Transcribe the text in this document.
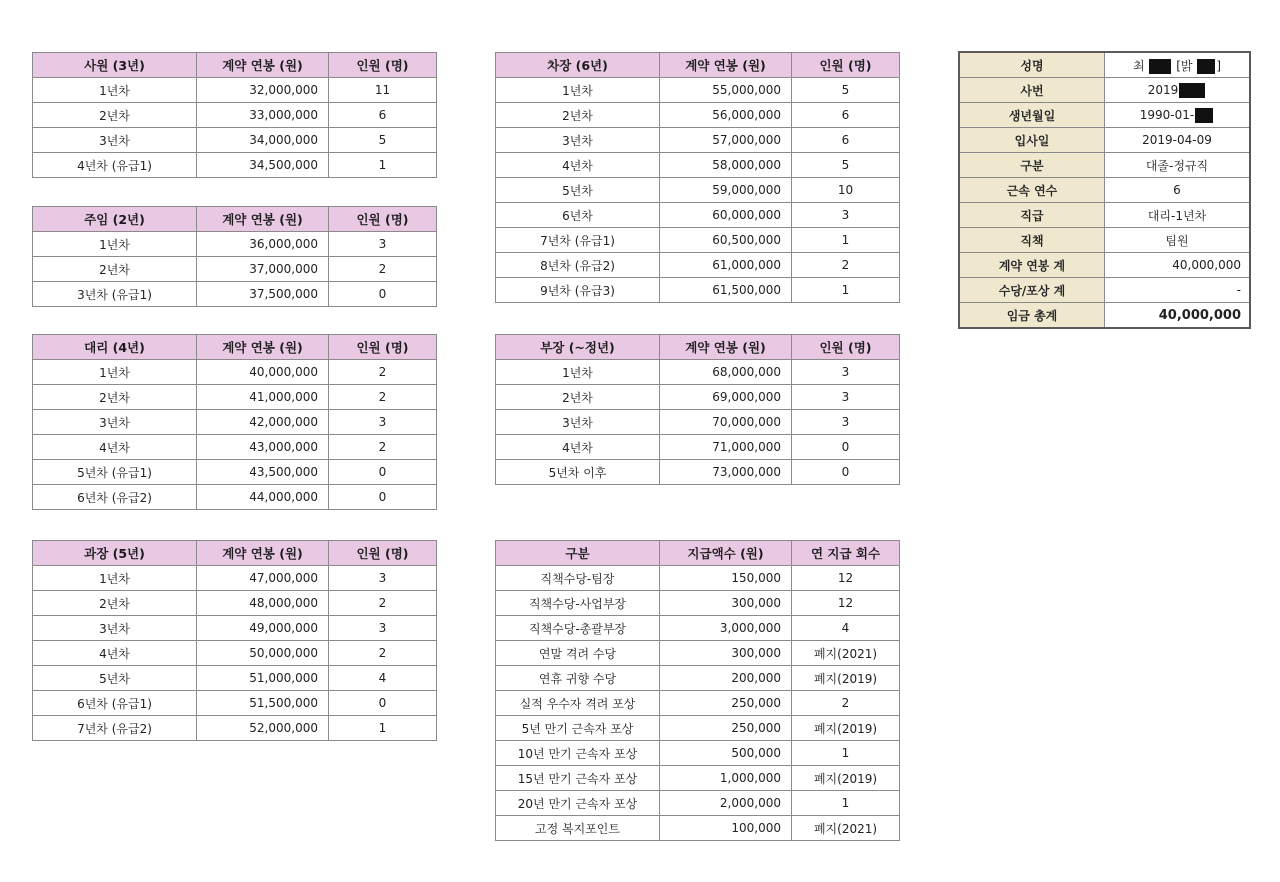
사원 (3년)	계약 연봉 (원)	인원 (명)
1년차	32,000,000	11
2년차	33,000,000	6
3년차	34,000,000	5
4년차 (유급1)	34,500,000	1
주임 (2년)	계약 연봉 (원)	인원 (명)
1년차	36,000,000	3
2년차	37,000,000	2
3년차 (유급1)	37,500,000	0
대리 (4년)	계약 연봉 (원)	인원 (명)
1년차	40,000,000	2
2년차	41,000,000	2
3년차	42,000,000	3
4년차	43,000,000	2
5년차 (유급1)	43,500,000	0
6년차 (유급2)	44,000,000	0
과장 (5년)	계약 연봉 (원)	인원 (명)
1년차	47,000,000	3
2년차	48,000,000	2
3년차	49,000,000	3
4년차	50,000,000	2
5년차	51,000,000	4
6년차 (유급1)	51,500,000	0
7년차 (유급2)	52,000,000	1
차장 (6년)	계약 연봉 (원)	인원 (명)
1년차	55,000,000	5
2년차	56,000,000	6
3년차	57,000,000	6
4년차	58,000,000	5
5년차	59,000,000	10
6년차	60,000,000	3
7년차 (유급1)	60,500,000	1
8년차 (유급2)	61,000,000	2
9년차 (유급3)	61,500,000	1
부장 (~정년)	계약 연봉 (원)	인원 (명)
1년차	68,000,000	3
2년차	69,000,000	3
3년차	70,000,000	3
4년차	71,000,000	0
5년차 이후	73,000,000	0
구분	지급액수 (원)	연 지급 회수
직책수당-팀장	150,000	12
직책수당-사업부장	300,000	12
직책수당-총괄부장	3,000,000	4
연말 격려 수당	300,000	폐지(2021)
연휴 귀향 수당	200,000	폐지(2019)
실적 우수자 격려 포상	250,000	2
5년 만기 근속자 포상	250,000	폐지(2019)
10년 만기 근속자 포상	500,000	1
15년 만기 근속자 포상	1,000,000	폐지(2019)
20년 만기 근속자 포상	2,000,000	1
고정 복지포인트	100,000	폐지(2021)
성명	최 [밝 ]
사번	2019
생년월일	1990-01-
입사일	2019-04-09
구분	대졸-정규직
근속 연수	6
직급	대리-1년차
직책	팀원
계약 연봉 계	40,000,000
수당/포상 계	-
임금 총계	40,000,000
